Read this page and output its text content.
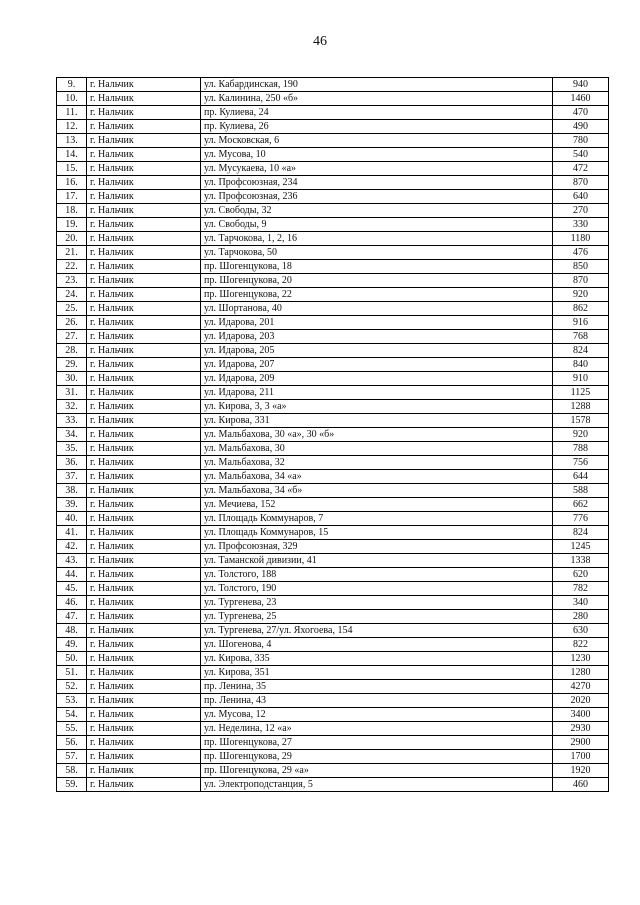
46
9.	г. Нальчик	ул. Кабардинская, 190	940
10.	г. Нальчик	ул. Калинина, 250 «б»	1460
11.	г. Нальчик	пр. Кулиева, 24	470
12.	г. Нальчик	пр. Кулиева, 26	490
13.	г. Нальчик	ул. Московская, 6	780
14.	г. Нальчик	ул. Мусова, 10	540
15.	г. Нальчик	ул. Мусукаева, 10 «а»	472
16.	г. Нальчик	ул. Профсоюзная, 234	870
17.	г. Нальчик	ул. Профсоюзная, 236	640
18.	г. Нальчик	ул. Свободы, 32	270
19.	г. Нальчик	ул. Свободы, 9	330
20.	г. Нальчик	ул. Тарчокова, 1, 2, 16	1180
21.	г. Нальчик	ул. Тарчокова, 50	476
22.	г. Нальчик	пр. Шогенцукова, 18	850
23.	г. Нальчик	пр. Шогенцукова, 20	870
24.	г. Нальчик	пр. Шогенцукова, 22	920
25.	г. Нальчик	ул. Шортанова, 40	862
26.	г. Нальчик	ул. Идарова, 201	916
27.	г. Нальчик	ул. Идарова, 203	768
28.	г. Нальчик	ул. Идарова, 205	824
29.	г. Нальчик	ул. Идарова, 207	840
30.	г. Нальчик	ул. Идарова, 209	910
31.	г. Нальчик	ул. Идарова, 211	1125
32.	г. Нальчик	ул. Кирова, 3, 3 «а»	1288
33.	г. Нальчик	ул. Кирова, 331	1578
34.	г. Нальчик	ул. Мальбахова, 30 «а», 30 «б»	920
35.	г. Нальчик	ул. Мальбахова, 30	788
36.	г. Нальчик	ул. Мальбахова, 32	756
37.	г. Нальчик	ул. Мальбахова, 34 «а»	644
38.	г. Нальчик	ул. Мальбахова, 34 «б»	588
39.	г. Нальчик	ул. Мечиева, 152	662
40.	г. Нальчик	ул. Площадь Коммунаров, 7	776
41.	г. Нальчик	ул. Площадь Коммунаров, 15	824
42.	г. Нальчик	ул. Профсоюзная, 329	1245
43.	г. Нальчик	ул. Таманской дивизии, 41	1338
44.	г. Нальчик	ул. Толстого, 188	620
45.	г. Нальчик	ул. Толстого, 190	782
46.	г. Нальчик	ул. Тургенева, 23	340
47.	г. Нальчик	ул. Тургенева, 25	280
48.	г. Нальчик	ул. Тургенева, 27/ул. Яхогоева, 154	630
49.	г. Нальчик	ул. Шогенова, 4	822
50.	г. Нальчик	ул. Кирова, 335	1230
51.	г. Нальчик	ул. Кирова, 351	1280
52.	г. Нальчик	пр. Ленина, 35	4270
53.	г. Нальчик	пр. Ленина, 43	2020
54.	г. Нальчик	ул. Мусова, 12	3400
55.	г. Нальчик	ул. Неделина, 12 «а»	2930
56.	г. Нальчик	пр. Шогенцукова, 27	2900
57.	г. Нальчик	пр. Шогенцукова, 29	1700
58.	г. Нальчик	пр. Шогенцукова, 29 «а»	1920
59.	г. Нальчик	ул. Электроподстанция, 5	460
